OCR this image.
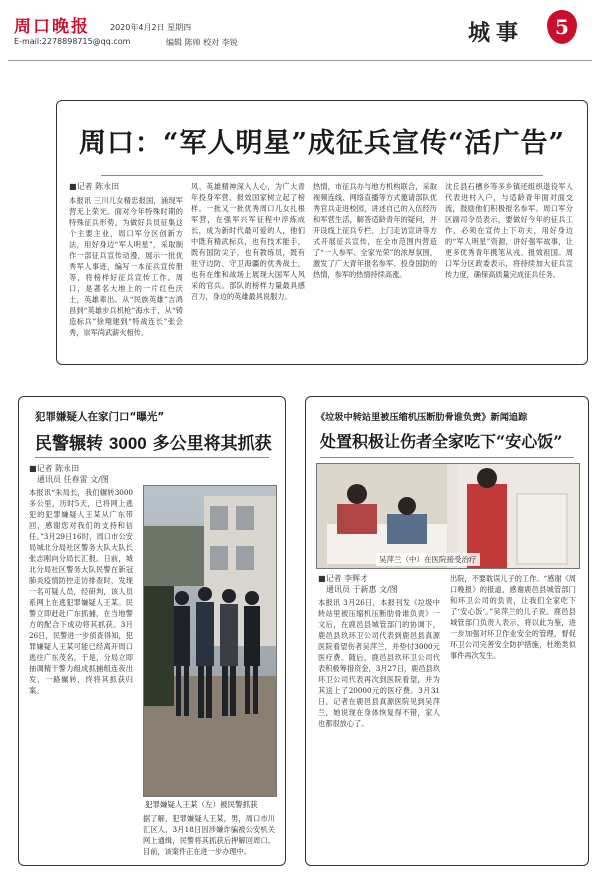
周口晚报
E-mail:2278898715@qq.com
2020年4月2日 星期四
编辑 陈帅 校对 李锐	城事	5
周口：“军人明星”成征兵宣传“活广告”
■记者 陈永田
本报讯 三川儿女精忠报国，涌现军营无上荣光。面对今年特殊时期的特殊征兵形势，为做好兵员征集这个主要主业，周口军分区创新方法，用好身边“军人明星”，采取制作一部征兵宣传动漫，展示一批优秀军人事迹，编写一本征兵宣传册等，将榜样好征兵宣传工作。周口，是著名大地上的一片红色沃土，英雄辈出。从“民族英雄”吉鸿昌到“英雄步兵机枪”海水干，从“铸造标兵”徐翔建到“特战连长”张会秀，崇军尚武薪火相传。
风、英雄精神深入人心，为广大青年投身军营、报效国家树立起了榜样。一批又一批优秀周口儿女扎根军营，在强军兴军征程中淬炼成长，成为新时代最可爱的人，他们中既有精武标兵，也有技术能手，既有国防尖子，也有教练员，既有驻守边防、守卫海疆的优秀战士，也有在维和战场上展现大国军人风采的官兵。部队的榜样力量最具感召力，身边的英雄最具说服力。
热情，市征兵办与地方机构联合，采取视频连线、网络直播等方式邀请部队优秀官兵走进校园，讲述自己的入伍经历和军营生活，解答适龄青年的疑问，并开设线上征兵专栏、上门走访宣讲等方式开展征兵宣传，在全市范围内营造了“一人参军、全家光荣”的浓厚氛围，激发了广大青年报名参军、投身国防的热情，参军的热情持续高涨。
沈丘县石槽乡等多乡镇还组织退役军人代表进村入户，与适龄青年面对面交流，鼓励他们积极报名参军。周口军分区副司令员表示，要做好今年的征兵工作，必须在宣传上下功夫，用好身边的“军人明星”资源，讲好强军故事，让更多优秀青年携笔从戎、报效祖国。周口军分区政委表示，将持续加大征兵宣传力度，确保高质量完成征兵任务。
犯罪嫌疑人在家门口“曝光”
民警辗转 3000 多公里将其抓获
■记者 陈永田
通讯员 任春雷 文/图
本报讯“朱局长，我们辗转3000多公里，历时5天，已将网上逃犯的犯罪嫌疑人王某从广东带回，感谢您对我们的支持和信任。”3月29日16时，周口市公安局城北分局社区警务大队大队长张志刚向分局长汇报。日前，城北分局社区警务大队民警在新冠肺炎疫情防控走访排查时，发现一名可疑人员，经研判，该人员系网上在逃犯罪嫌疑人王某。民警立即赶赴广东抓捕，在当地警方的配合下成功将其抓获。3月26日，民警进一步侦查得知，犯罪嫌疑人王某可能已经离开周口逃往广东茂名。于是，分局立即抽调精干警力组成抓捕组连夜出发，一路辗转，终将其抓获归案。
犯罪嫌疑人王某（左）被民警抓获
据了解，犯罪嫌疑人王某，男，周口市川汇区人，3月18日因涉嫌诈骗被公安机关网上通缉，民警将其抓获后押解回周口。目前，该案件正在进一步办理中。
《垃圾中转站里被压缩机压断肋骨谁负责》新闻追踪
处置积极让伤者全家吃下“安心饭”
吴萍兰（中）在医院接受治疗
■记者 李辉才
通讯员 于新惠 文/图
本报讯 3月26日，本报刊发《垃圾中转站里被压缩机压断肋骨谁负责》一文后，在鹿邑县城管部门的协调下，鹿邑县玖环卫公司代表到鹿邑县真源医院看望伤者吴萍兰，并垫付3000元医疗费。随后，鹿邑县玖环卫公司代表积极筹措资金，3月27日，鹿邑县玖环卫公司代表再次到医院看望，并为其送上了20000元的医疗费。3月31日，记者在鹿邑县真源医院见到吴萍兰，她说现在身体恢复得不错，家人也都很放心了。
出院，不要耽误儿子的工作。“感谢《周口晚报》的报道，感谢鹿邑县城管部门和环卫公司的负责，让我们全家吃下了‘安心饭’。”吴萍兰的儿子说。鹿邑县城管部门负责人表示，将以此为鉴，进一步加强对环卫作业安全的管理，督促环卫公司完善安全防护措施，杜绝类似事件再次发生。
